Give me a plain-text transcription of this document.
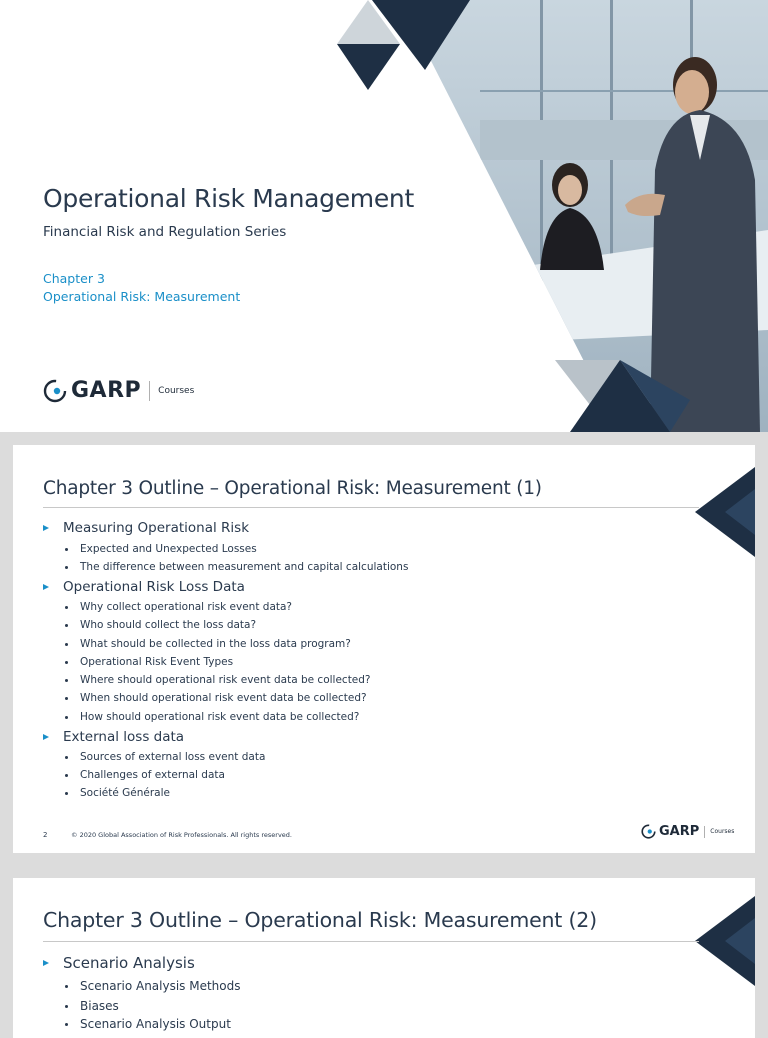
Operational Risk Management
Financial Risk and Regulation Series
Chapter 3
Operational Risk: Measurement
GARP Courses
Chapter 3 Outline – Operational Risk: Measurement (1)
Measuring Operational Risk
Expected and Unexpected Losses
The difference between measurement and capital calculations
Operational Risk Loss Data
Why collect operational risk event data?
Who should collect the loss data?
What should be collected in the loss data program?
Operational Risk Event Types
Where should operational risk event data be collected?
When should operational risk event data be collected?
How should operational risk event data be collected?
External loss data
Sources of external loss event data
Challenges of external data
Société Générale
2	© 2020 Global Association of Risk Professionals. All rights reserved.	GARP Courses
Chapter 3 Outline – Operational Risk: Measurement (2)
Scenario Analysis
Scenario Analysis Methods
Biases
Scenario Analysis Output
